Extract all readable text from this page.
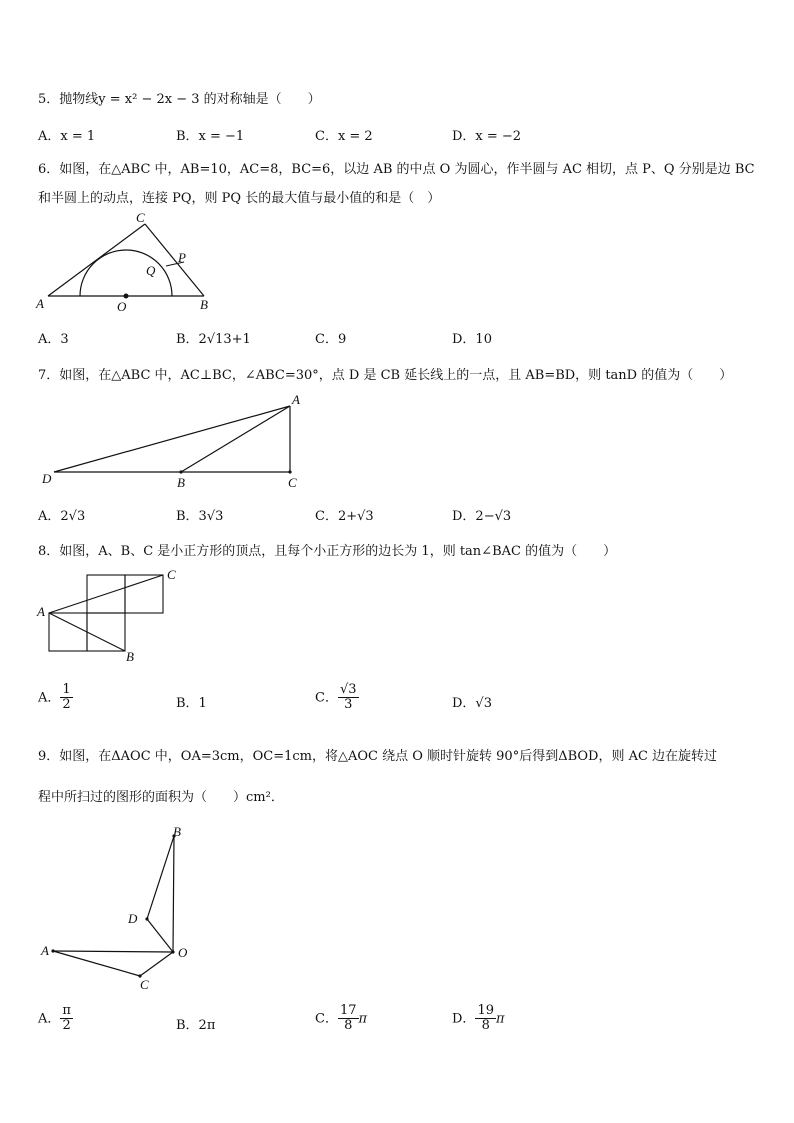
5．抛物线y = x² − 2x − 3 的对称轴是（　　）
A．x = 1	B．x = −1	C．x = 2	D．x = −2
6．如图，在△ABC 中，AB=10，AC=8，BC=6，以边 AB 的中点 O 为圆心，作半圆与 AC 相切，点 P、Q 分别是边 BC
和半圆上的动点，连接 PQ，则 PQ 长的最大值与最小值的和是（　）
A	B
C
O
P
Q
A．3	B．2√13+1	C．9	D．10
7．如图，在△ABC 中，AC⊥BC，∠ABC=30°，点 D 是 CB 延长线上的一点，且 AB=BD，则 tanD 的值为（　　）
A
B	C
D
A．2√3	B．3√3	C．2+√3	D．2−√3
8．如图，A、B、C 是小正方形的顶点，且每个小正方形的边长为 1，则 tan∠BAC 的值为（　　）
A
B
C
A． $\frac{1}{2}$	B．1	C． $\frac{√3}{3}$	D．√3
9．如图，在ΔAOC 中，OA=3cm，OC=1cm，将△AOC 绕点 O 顺时针旋转 90°后得到ΔBOD，则 AC 边在旋转过
程中所扫过的图形的面积为（　　）cm²．
A
B
C
D
O
A． $\frac{\pi}{2}$	B．2π	C． $\frac{17}{8}$ π	D． $\frac{19}{8}$ π
